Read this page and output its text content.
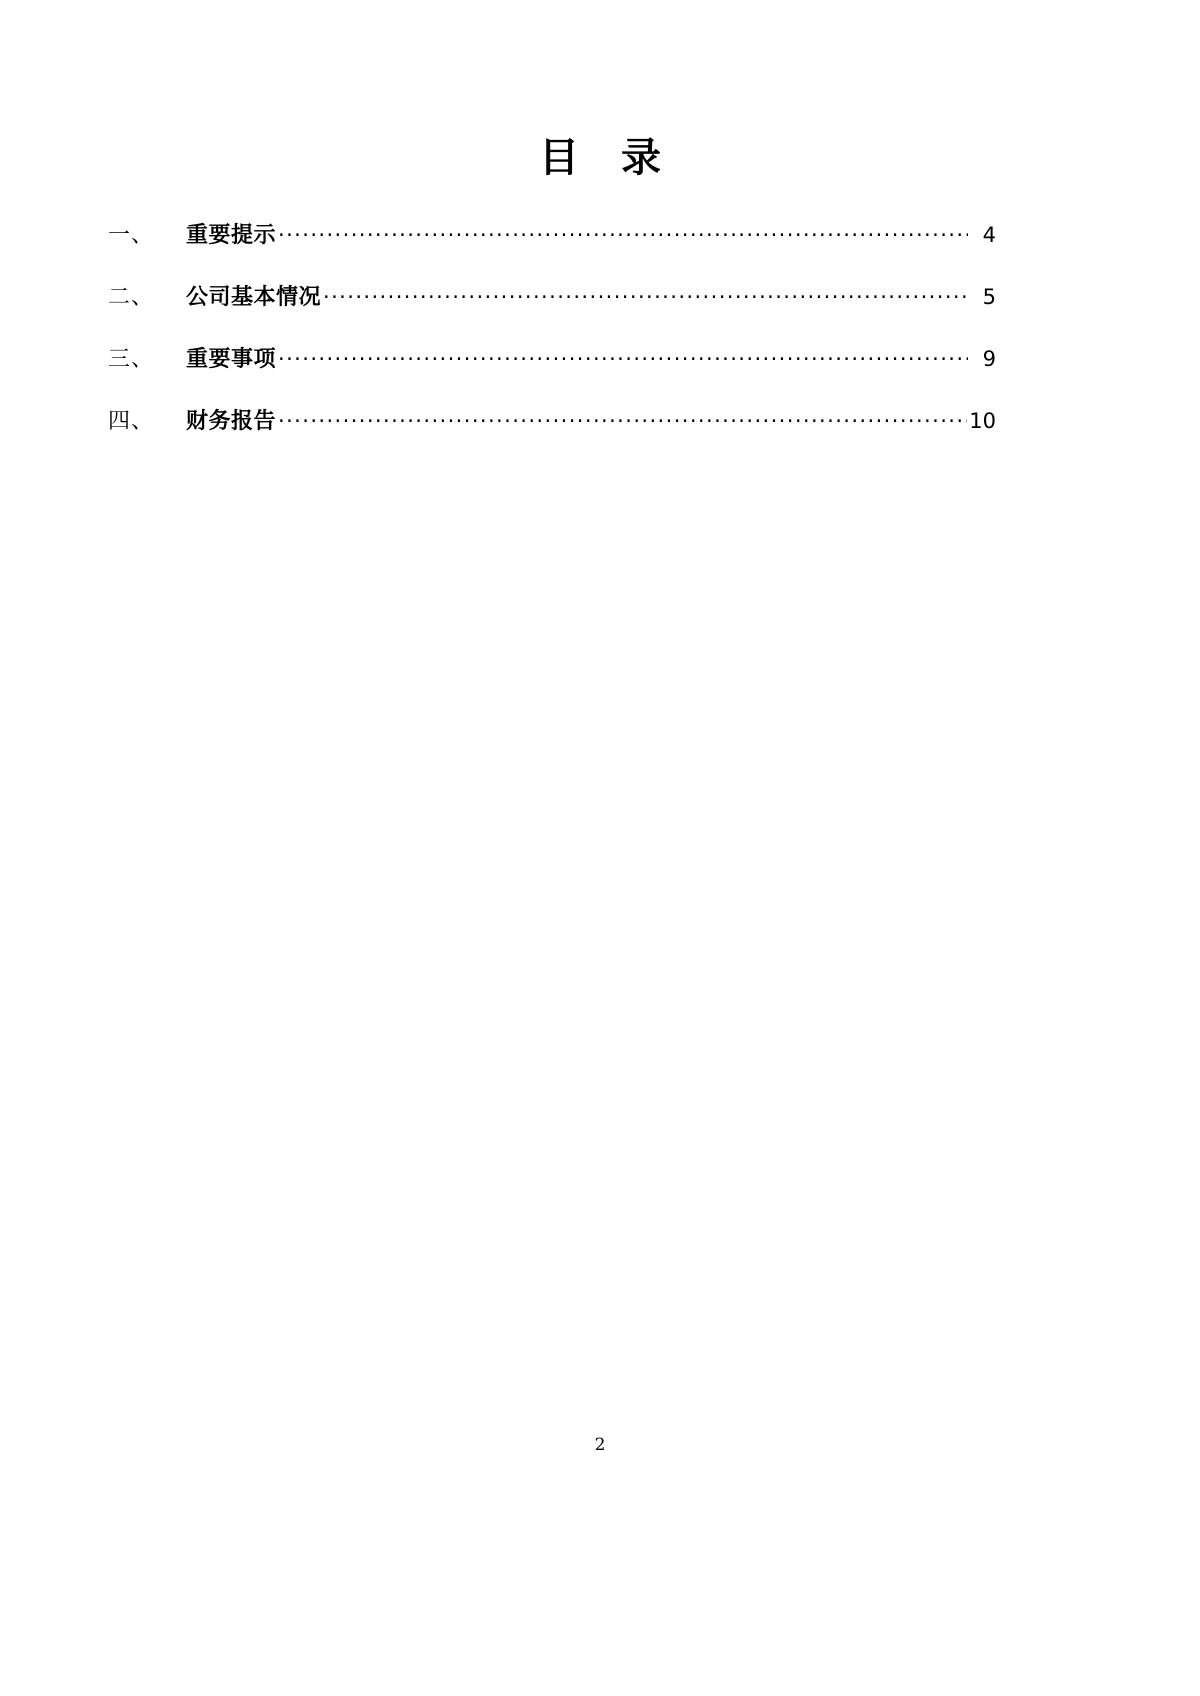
目 录
一、	重要提示 .....	4
二、	公司基本情况 .....	5
三、	重要事项 .....	9
四、	财务报告 .....	10
2
